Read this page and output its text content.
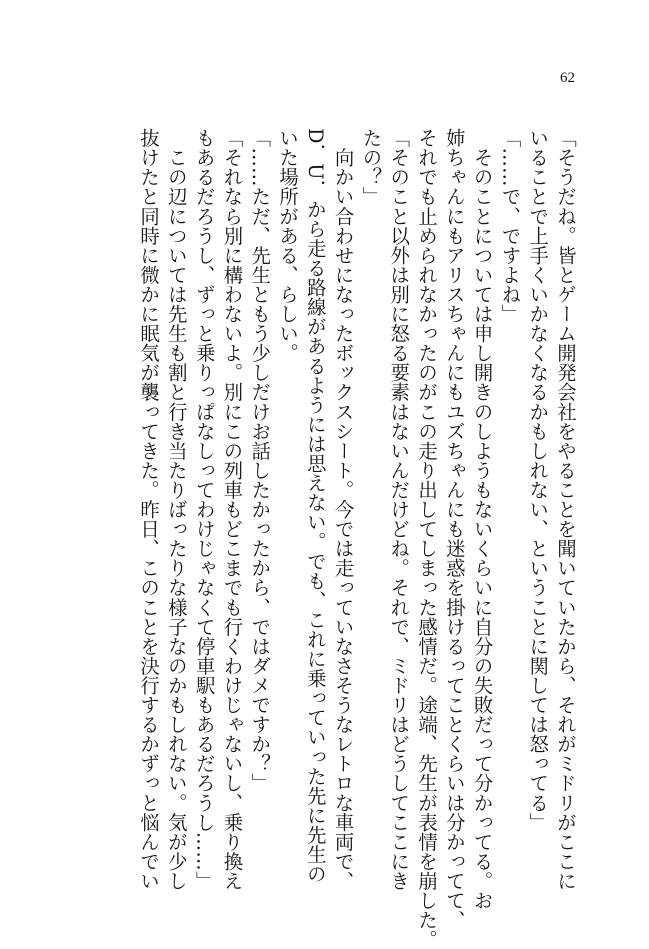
62
「そうだね。皆とゲーム開発会社をやることを聞いていたから、それがミドリがここに
いることで上手くいかなくなるかもしれない、ということに関しては怒ってる」
「……で、ですよね」
　そのことについては申し開きのしようもないくらいに自分の失敗だって分かってる。お
姉ちゃんにもアリスちゃんにもユズちゃんにも迷惑を掛けるってことくらいは分かってて、
それでも止められなかったのがこの走り出してしまった感情だ。途端、先生が表情を崩した。
「そのこと以外は別に怒る要素はないんだけどね。それで、ミドリはどうしてここにき
たの？」
　向かい合わせになったボックスシート。今では走っていなさそうなレトロな車両で、
D．U．から走る路線があるようには思えない。でも、これに乗っていった先に先生の
いた場所がある、らしい。
「……ただ、先生ともう少しだけお話したかったから、ではダメですか？」
「それなら別に構わないよ。別にこの列車もどこまでも行くわけじゃないし、乗り換え
もあるだろうし、ずっと乗りっぱなしってわけじゃなくて停車駅もあるだろうし……」
　この辺については先生も割と行き当たりばったりな様子なのかもしれない。気が少し
抜けたと同時に微かに眠気が襲ってきた。昨日、このことを決行するかずっと悩んでい
